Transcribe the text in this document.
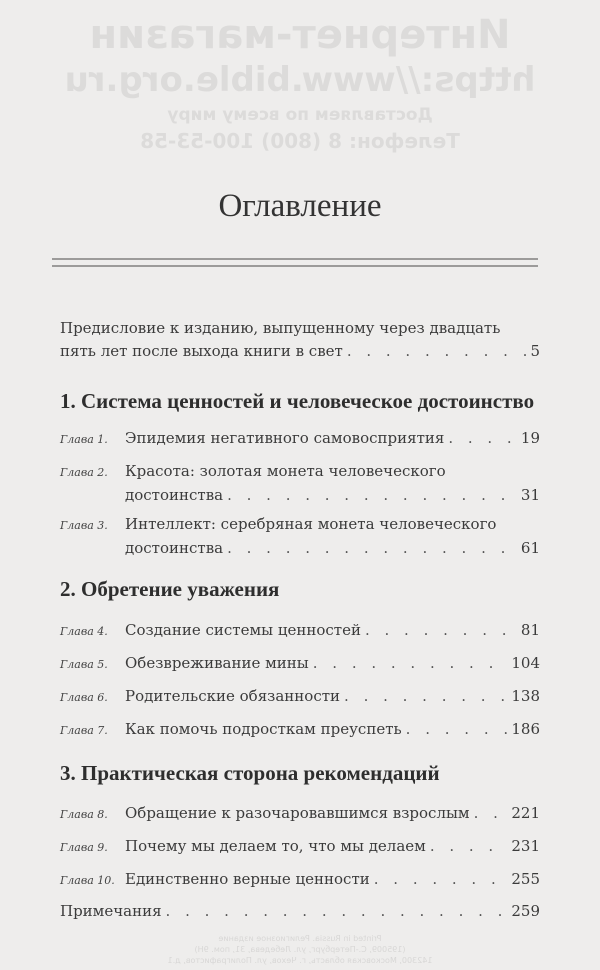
Интернет-магазин
https://www.bible.org.ru
Доставляем по всему миру
Телефон: 8 (800) 100-53-58
Printed in Russia. Религиозное издание
(195009, С.-Петербург, ул. Лебедева, 31, пом. 9Н)
142300, Московская область, г. Чехов, ул. Полиграфистов, д.1
Оглавление
Предисловие к изданию, выпущенному через двадцать
пять лет после выхода книги в свет . . .	5
1. Система ценностей и человеческое достоинство
2. Обретение уважения
3. Практическая сторона рекомендаций
Глава 1.	Эпидемия негативного самовосприятия . . .	19
Глава 2.	Красота: золотая монета человеческого
достоинства . . .	31
Глава 3.	Интеллект: серебряная монета человеческого
достоинства . . .	61
Глава 4.	Создание системы ценностей . . .	81
Глава 5.	Обезвреживание мины . . .	104
Глава 6.	Родительские обязанности . . .	138
Глава 7.	Как помочь подросткам преуспеть . . .	186
Глава 8.	Обращение к разочаровавшимся взрослым . . .	221
Глава 9.	Почему мы делаем то, что мы делаем . . .	231
Глава 10. Единственно верные ценности . . .	255
Примечания . . .	259
